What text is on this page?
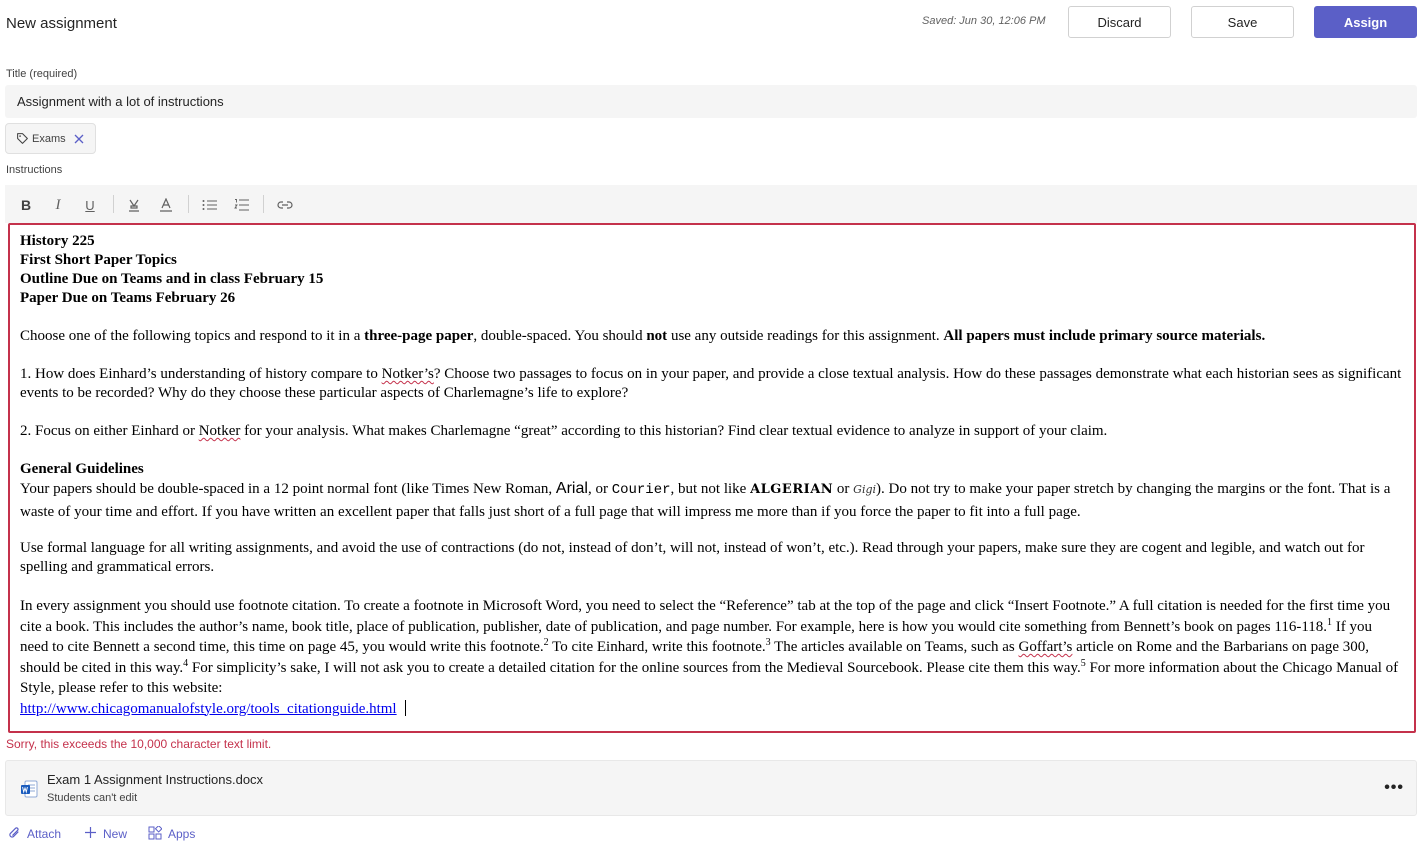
New assignment	Saved: Jun 30, 12:06 PM	Discard	Save	Assign
Title (required)
Assignment with a lot of instructions
Exams
Instructions
B	I	U

History 225

First Short Paper Topics

Outline Due on Teams and in class February 15

Paper Due on Teams February 26

Choose one of the following topics and respond to it in a three-page paper, double-spaced. You should not use any outside readings for this assignment. All papers must include primary source materials.

1. How does Einhard’s understanding of history compare to Notker’s? Choose two passages to focus on in your paper, and provide a close textual analysis. How do these passages demonstrate what each historian sees as significant events to be recorded? Why do they choose these particular aspects of Charlemagne’s life to explore?

2. Focus on either Einhard or Notker for your analysis. What makes Charlemagne “great” according to this historian? Find clear textual evidence to analyze in support of your claim.

General Guidelines

Your papers should be double-spaced in a 12 point normal font (like Times New Roman, Arial, or Courier, but not like ALGERIAN or Gigi). Do not try to make your paper stretch by changing the margins or the font. That is a waste of your time and effort. If you have written an excellent paper that falls just short of a full page that will impress me more than if you force the paper to fit into a full page.

Use formal language for all writing assignments, and avoid the use of contractions (do not, instead of don’t, will not, instead of won’t, etc.). Read through your papers, make sure they are cogent and legible, and watch out for spelling and grammatical errors.

In every assignment you should use footnote citation. To create a footnote in Microsoft Word, you need to select the “Reference” tab at the top of the page and click “Insert Footnote.” A full citation is needed for the first time you cite a book. This includes the author’s name, book title, place of publication, publisher, date of publication, and page number. For example, here is how you would cite something from Bennett’s book on pages 116-118.$^1$ If you need to cite Bennett a second time, this time on page 45, you would write this footnote.$^2$ To cite Einhard, write this footnote.$^3$ The articles available on Teams, such as Goffart’s article on Rome and the Barbarians on page 300, should be cited in this way.$^4$ For simplicity’s sake, I will not ask you to create a detailed citation for the online sources from the Medieval Sourcebook. Please cite them this way.$^5$ For more information about the Chicago Manual of Style, please refer to this website:
http://www.chicagomanualofstyle.org/tools_citationguide.html

Sorry, this exceeds the 10,000 character text limit.
Exam 1 Assignment Instructions.docx
Students can't edit
•••
Attach	New	Apps
